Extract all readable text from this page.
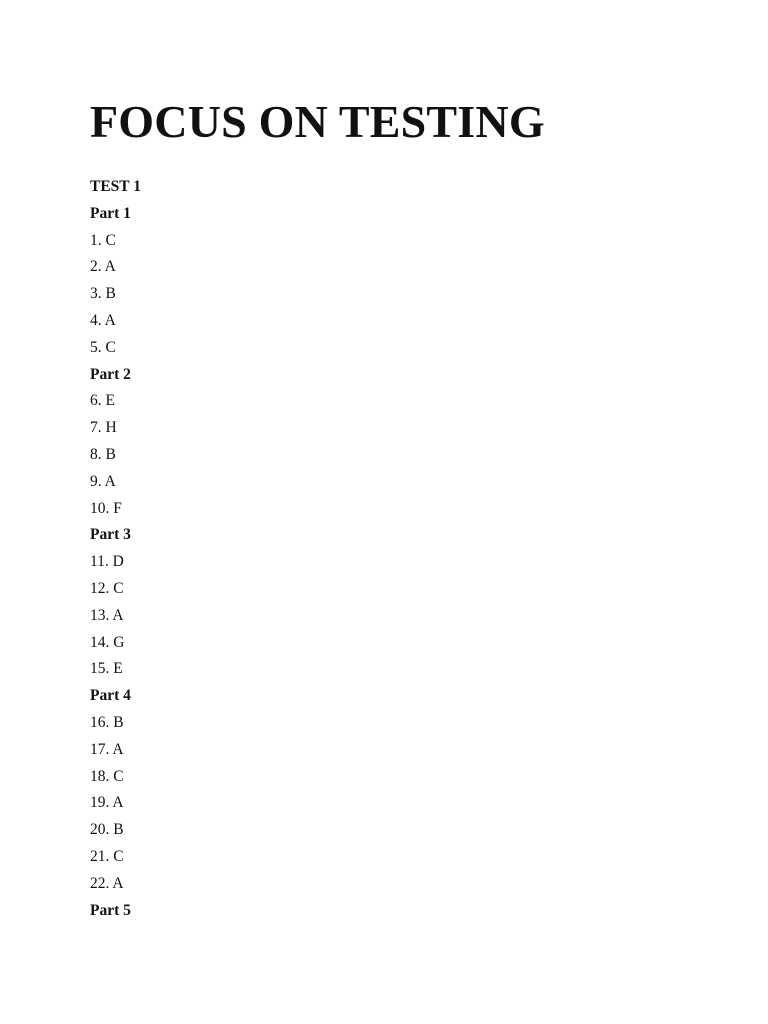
FOCUS ON TESTING
TEST 1
Part 1
1. C
2. A
3. B
4. A
5. C
Part 2
6. E
7. H
8. B
9. A
10. F
Part 3
11. D
12. C
13. A
14. G
15. E
Part 4
16. B
17. A
18. C
19. A
20. B
21. C
22. A
Part 5
